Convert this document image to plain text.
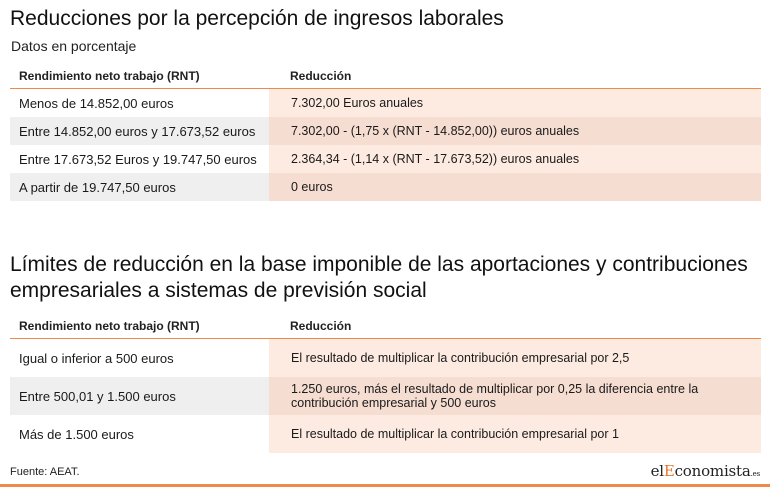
Reducciones por la percepción de ingresos laborales
Datos en porcentaje
Rendimiento neto trabajo (RNT)	Reducción
Menos de 14.852,00 euros	7.302,00 Euros anuales
Entre 14.852,00 euros y 17.673,52 euros	7.302,00 - (1,75 x (RNT - 14.852,00)) euros anuales
Entre 17.673,52 Euros y 19.747,50 euros	2.364,34 - (1,14 x (RNT - 17.673,52)) euros anuales
A partir de 19.747,50 euros	0 euros
Límites de reducción en la base imponible de las aportaciones y contribuciones empresariales a sistemas de previsión social
Rendimiento neto trabajo (RNT)	Reducción
Igual o inferior a 500 euros	El resultado de multiplicar la contribución empresarial por 2,5
Entre 500,01 y 1.500 euros	1.250 euros, más el resultado de multiplicar por 0,25 la diferencia entre la contribución empresarial y 500 euros
Más de 1.500 euros	El resultado de multiplicar la contribución empresarial por 1
Fuente: AEAT.	elEconomista.es
